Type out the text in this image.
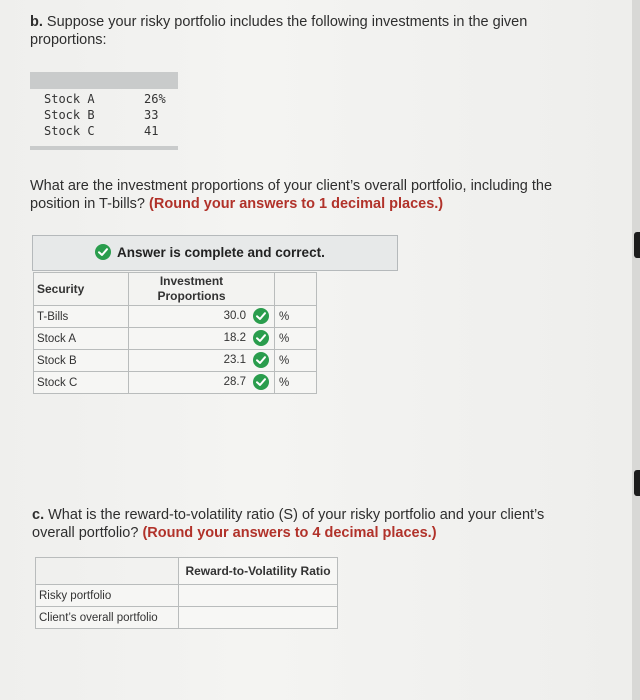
b. Suppose your risky portfolio includes the following investments in the given proportions:
Stock A	26%
Stock B	33
Stock C	41
What are the investment proportions of your client’s overall portfolio, including the position in T-bills? (Round your answers to 1 decimal places.)
Answer is complete and correct.
Security	Investment
Proportions	

T-Bills	30.0	%
Stock A	18.2	%
Stock B	23.1	%
Stock C	28.7	%
c. What is the reward-to-volatility ratio (S) of your risky portfolio and your client’s overall portfolio? (Round your answers to 4 decimal places.)
	Reward-to-Volatility Ratio
Risky portfolio	
Client’s overall portfolio	
